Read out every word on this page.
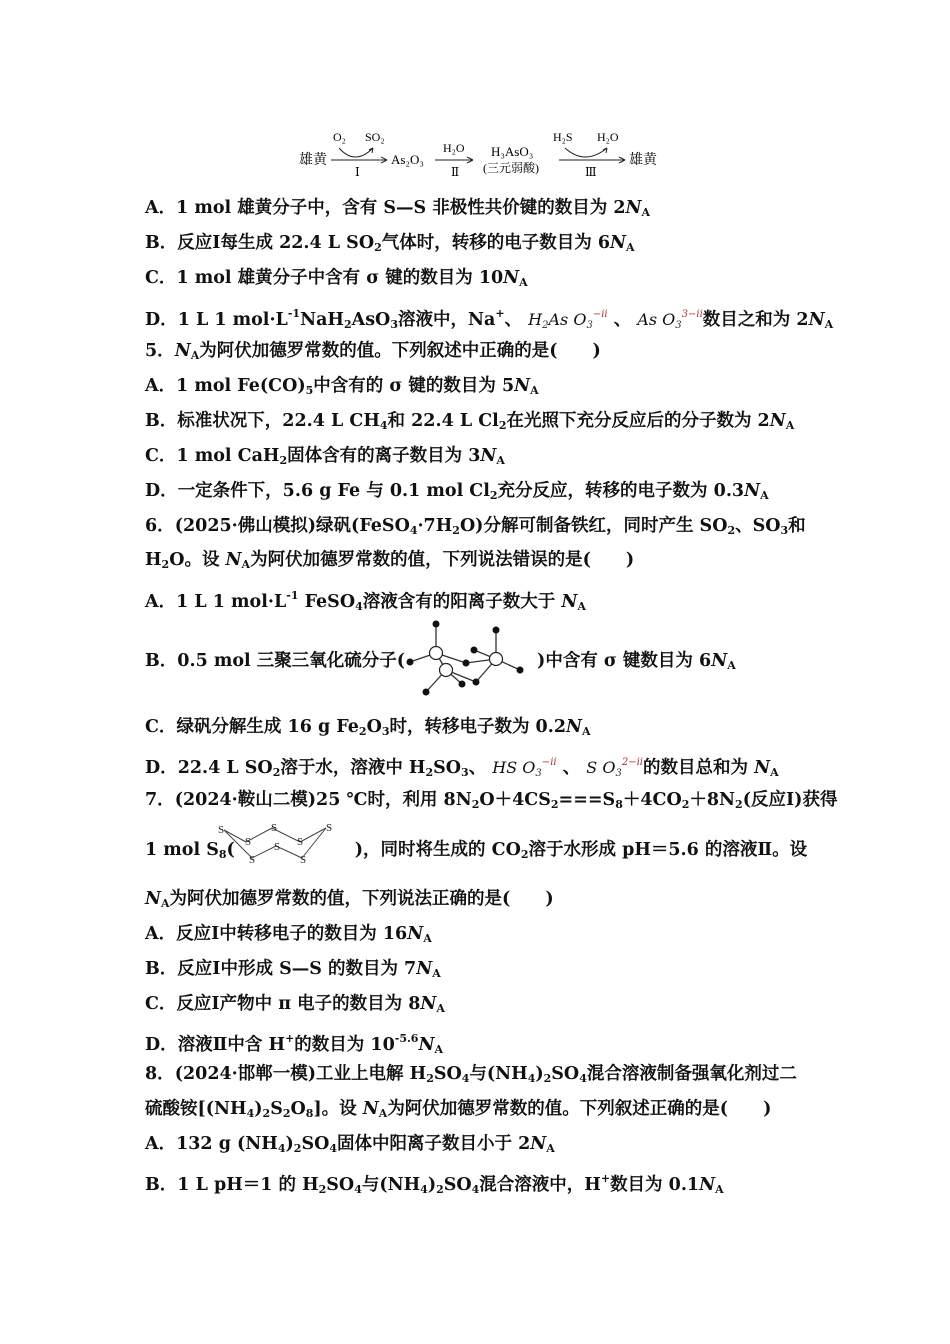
雄黄
O₂ SO₂
Ⅰ
As₂O₃
H₂O
Ⅱ
H₃AsO₃
(三元弱酸)
H₂S H₂O
Ⅲ
雄黄
A．1 mol 雄黄分子中，含有 S—S 非极性共价键的数目为 $2N_A$
B．反应Ⅰ每生成 22.4 L $SO_2$气体时，转移的电子数目为 $6N_A$
C．1 mol 雄黄分子中含有 σ 键的数目为 $10N_A$
D．1 L 1 $mol\cdot L^{-1}NaH_2AsO_3$溶液中，Na+、 $H_2As$ $O_3^{-ii}$ 、 As $O_3^{3-ii}$数目之和为 $2N_A$
5．$N_A$为阿伏加德罗常数的值。下列叙述中正确的是(　　)
A．1 mol $Fe(CO)_5$中含有的 σ 键的数目为 $5N_A$
B．标准状况下，22.4 L $CH_4$和 22.4 L $Cl_2$在光照下充分反应后的分子数为 $2N_A$
C．1 mol CaH$_2$固体含有的离子数目为 $3N_A$
D．一定条件下，5.6 g Fe 与 0.1 mol $Cl_2$充分反应，转移的电子数为 $0.3N_A$
6．(2025·佛山模拟)绿矾$(FeSO_4\cdot 7H_2O)$分解可制备铁红，同时产生 $SO_2$、$SO_3$和
$H_2O$。设 $N_A$为阿伏加德罗常数的值，下列说法错误的是(　　)
A．1 L 1 $mol\cdot L^{-1}$ FeSO$_4$溶液含有的阳离子数大于 $N_A$
B．0.5 mol 三聚三氧化硫分子(	)中含有 σ 键数目为 $6N_A$
C．绿矾分解生成 16 g $Fe_2O_3$时，转移电子数为 $0.2N_A$
D．22.4 L $SO_2$溶于水，溶液中 $H_2SO_3$、 HS $O_3^{-ii}$ 、 S $O_3^{2-ii}$的数目总和为 $N_A$
7．(2024·鞍山二模)25 ℃时，利用 $8N_2O+4CS_2===S_8+4CO_2+8N_2$(反应Ⅰ)获得
1 mol $S_8$(	)，同时将生成的 $CO_2$溶于水形成 pH＝5.6 的溶液Ⅱ。设
S
S
S
S
S
S
S
S
$N_A$为阿伏加德罗常数的值，下列说法正确的是(　　)
A．反应Ⅰ中转移电子的数目为 $16N_A$
B．反应Ⅰ中形成 S—S 的数目为 $7N_A$
C．反应Ⅰ产物中 π 电子的数目为 $8N_A$
D．溶液Ⅱ中含 H+的数目为 $10^{-5.6}N_A$
8．(2024·邯郸一模)工业上电解 $H_2SO_4$与$(NH_4)_2SO_4$混合溶液制备强氧化剂过二
硫酸铵$[(NH_4)_2S_2O_8]$。设 $N_A$为阿伏加德罗常数的值。下列叙述正确的是(　　)
A．132 g $(NH_4)_2SO_4$固体中阳离子数目小于 $2N_A$
B．1 L pH＝1 的 $H_2SO_4$与$(NH_4)_2SO_4$混合溶液中，H+数目为 $0.1N_A$
